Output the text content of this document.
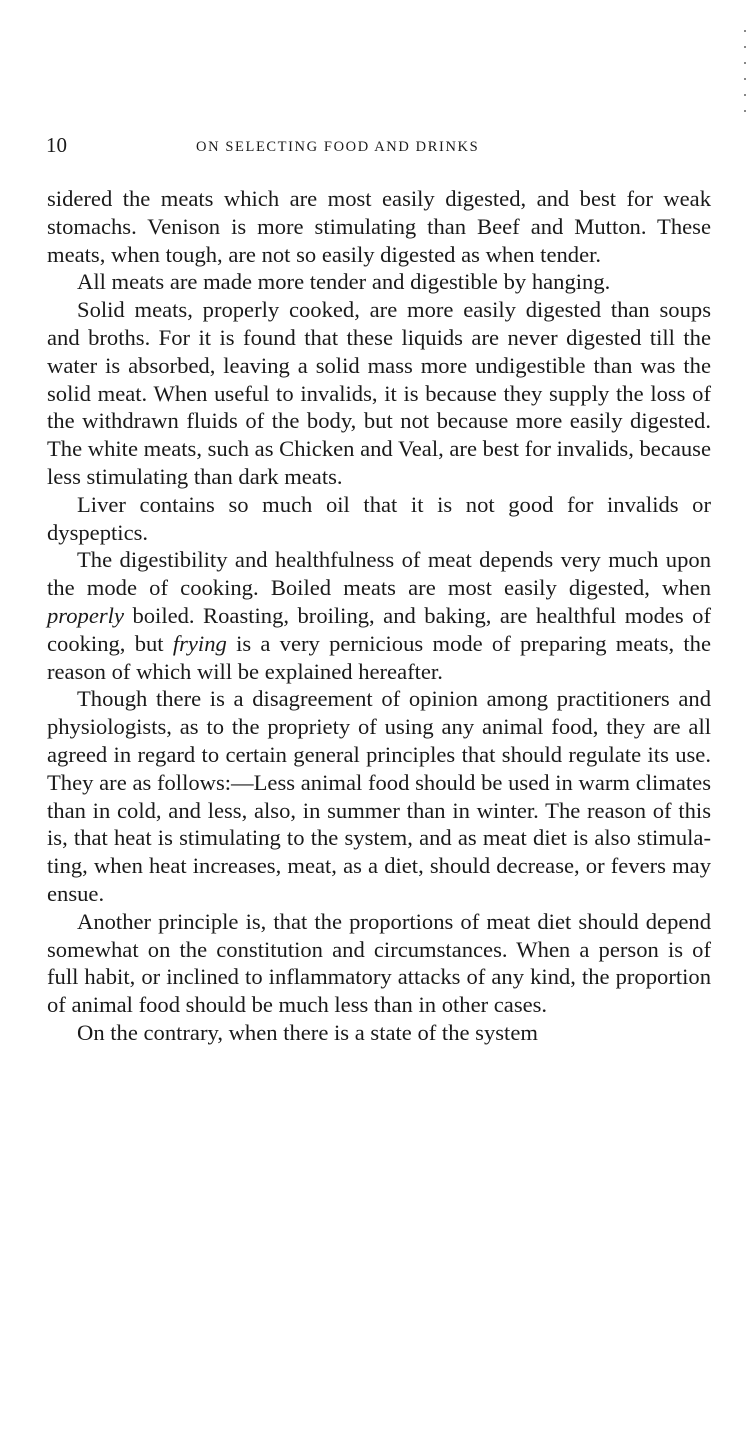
10	ON SELECTING FOOD AND DRINKS

sidered the meats which are most easily digested, and best for weak stomachs. Venison is more stimulating than Beef and Mutton. These meats, when tough, are not so easily digested as when tender.

All meats are made more tender and digestible by hanging.

Solid meats, properly cooked, are more easily digested than soups and broths. For it is found that these liquids are never digested till the water is absorbed, leaving a solid mass more undigestible than was the solid meat. When useful to invalids, it is because they supply the loss of the withdrawn fluids of the body, but not because more easily digested. The white meats, such as Chicken and Veal, are best for invalids, because less stimulating than dark meats.

Liver contains so much oil that it is not good for invalids or dyspeptics.

The digestibility and healthfulness of meat depends very much upon the mode of cooking. Boiled meats are most easily digested, when properly boiled. Roasting, broiling, and baking, are healthful modes of cooking, but frying is a very pernicious mode of preparing meats, the reason of which will be explained hereafter.

Though there is a disagreement of opinion among practitioners and physiologists, as to the propriety of using any animal food, they are all agreed in regard to certain general principles that should regulate its use. They are as follows:—Less animal food should be used in warm climates than in cold, and less, also, in summer than in winter. The reason of this is, that heat is stimulating to the system, and as meat diet is also stimulating, when heat increases, meat, as a diet, should decrease, or fevers may ensue.

Another principle is, that the proportions of meat diet should depend somewhat on the constitution and circumstances. When a person is of full habit, or inclined to inflammatory attacks of any kind, the proportion of animal food should be much less than in other cases.

On the contrary, when there is a state of the system
